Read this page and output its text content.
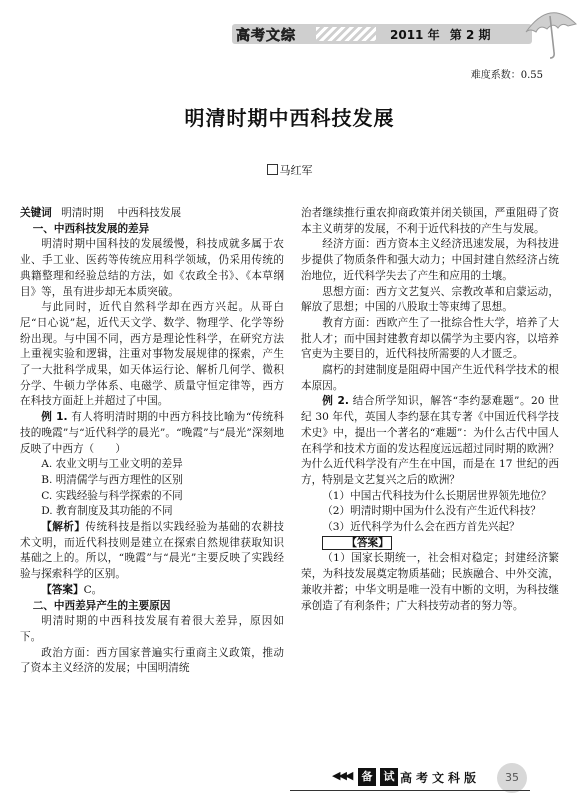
高考文综	2011 年 第 2 期
难度系数：0.55
明清时期中西科技发展
马红军

关键词 明清时期 中西科技发展

一、中西科技发展的差异

明清时期中国科技的发展缓慢，科技成就多属于农业、手工业、医药等传统应用科学领域，仍采用传统的典籍整理和经验总结的方法，如《农政全书》、《本草纲目》等，虽有进步却无本质突破。

与此同时，近代自然科学却在西方兴起。从哥白尼“日心说”起，近代天文学、数学、物理学、化学等纷纷出现。与中国不同，西方是理论性科学，在研究方法上重视实验和逻辑，注重对事物发展规律的探索，产生了一大批科学成果，如天体运行论、解析几何学、微积分学、牛顿力学体系、电磁学、质量守恒定律等，西方在科技方面赶上并超过了中国。

例 1. 有人将明清时期的中西方科技比喻为“传统科技的晚霞”与“近代科学的晨光”。“晚霞”与“晨光”深刻地反映了中西方（　　）

A. 农业文明与工业文明的差异

B. 明清儒学与西方理性的区别

C. 实践经验与科学探索的不同

D. 教育制度及其功能的不同

【解析】传统科技是指以实践经验为基础的农耕技术文明，而近代科技则是建立在探索自然规律获取知识基础之上的。所以，“晚霞”与“晨光”主要反映了实践经验与探索科学的区别。

【答案】C。

二、中西差异产生的主要原因

明清时期的中西科技发展有着很大差异，原因如下。

政治方面：西方国家普遍实行重商主义政策，推动了资本主义经济的发展；中国明清统

治者继续推行重农抑商政策并闭关锁国，严重阻碍了资本主义萌芽的发展，不利于近代科技的产生与发展。

经济方面：西方资本主义经济迅速发展，为科技进步提供了物质条件和强大动力；中国封建自然经济占统治地位，近代科学失去了产生和应用的土壤。

思想方面：西方文艺复兴、宗教改革和启蒙运动，解放了思想；中国的八股取士等束缚了思想。

教育方面：西欧产生了一批综合性大学，培养了大批人才；而中国封建教育却以儒学为主要内容，以培养官吏为主要目的，近代科技所需要的人才匮乏。

腐朽的封建制度是阻碍中国产生近代科学技术的根本原因。

例 2. 结合所学知识，解答“李约瑟难题”。20 世纪 30 年代，英国人李约瑟在其专著《中国近代科学技术史》中，提出一个著名的“难题”：为什么古代中国人在科学和技术方面的发达程度远远超过同时期的欧洲？为什么近代科学没有产生在中国，而是在 17 世纪的西方，特别是文艺复兴之后的欧洲？

（1）中国古代科技为什么长期居世界领先地位？

（2）明清时期中国为什么没有产生近代科技？

（3）近代科学为什么会在西方首先兴起？

【答案】

（1）国家长期统一，社会相对稳定；封建经济繁荣，为科技发展奠定物质基础；民族融合、中外交流，兼收并蓄；中华文明是唯一没有中断的文明，为科技继承创造了有利条件；广大科技劳动者的努力等。

◀◀◀ 备	试 高考文科版	35
